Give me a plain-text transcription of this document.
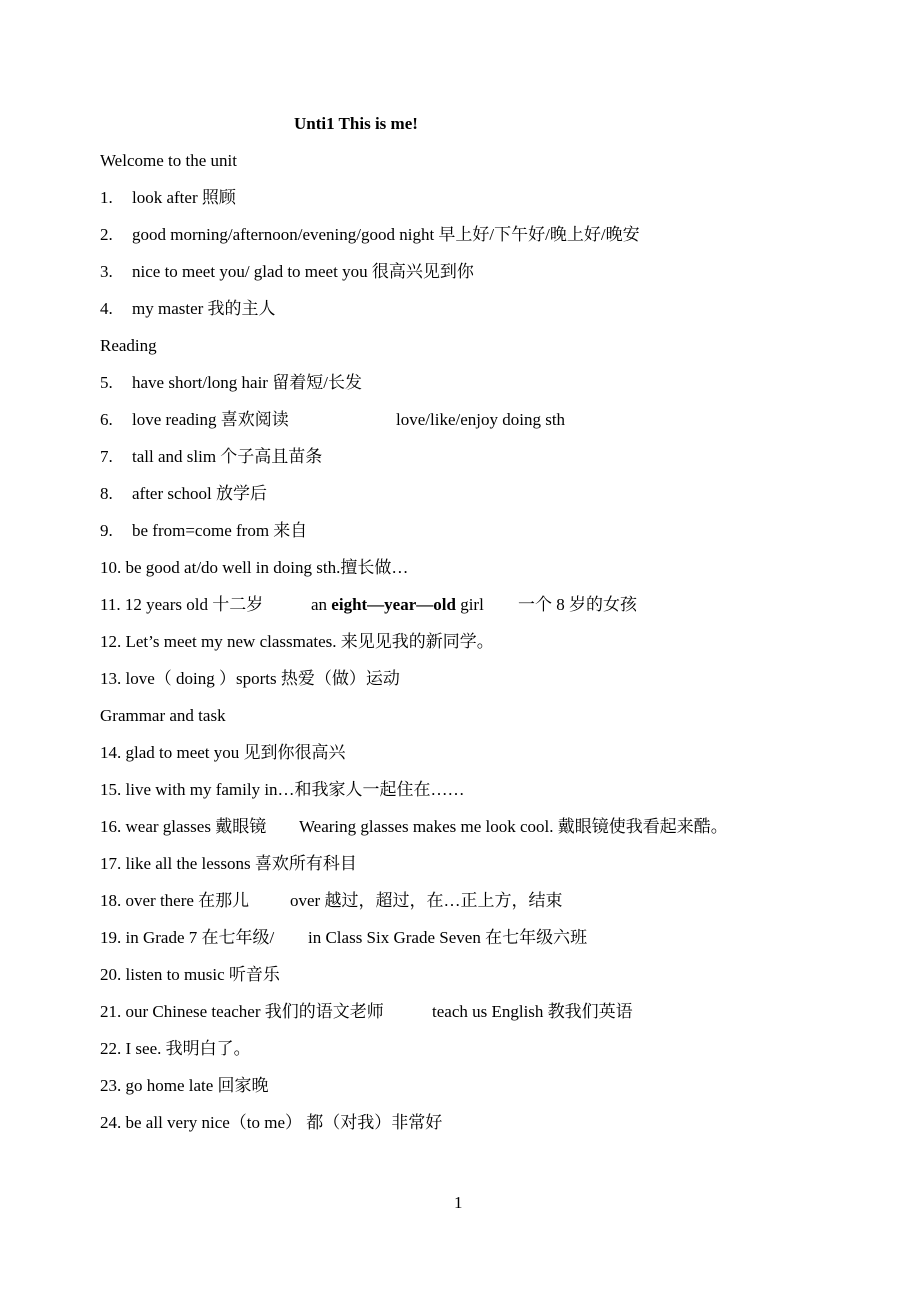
Unti1 This is me!
Welcome to the unit
1. look after 照顾
2. good morning/afternoon/evening/good night 早上好/下午好/晚上好/晚安
3. nice to meet you/ glad to meet you 很高兴见到你
4. my master 我的主人
Reading
5. have short/long hair 留着短/长发
6. love reading 喜欢阅读	love/like/enjoy doing sth
7. tall and slim 个子高且苗条
8. after school 放学后
9. be from=come from 来自
10. be good at/do well in doing sth.擅长做…
11. 12 years old 十二岁	an eight—year—old girl 一个 8 岁的女孩
12. Let’s meet my new classmates. 来见见我的新同学。
13. love（ doing ）sports 热爱（做）运动
Grammar and task
14. glad to meet you 见到你很高兴
15. live with my family in…和我家人一起住在……
16. wear glasses 戴眼镜 Wearing glasses makes me look cool. 戴眼镜使我看起来酷。
17. like all the lessons 喜欢所有科目
18. over there 在那儿 over 越过，超过，在…正上方，结束
19. in Grade 7 在七年级/ in Class Six Grade Seven 在七年级六班
20. listen to music 听音乐
21. our Chinese teacher 我们的语文老师	teach us English 教我们英语
22. I see. 我明白了。
23. go home late 回家晚
24. be all very nice（to me） 都（对我）非常好
1
